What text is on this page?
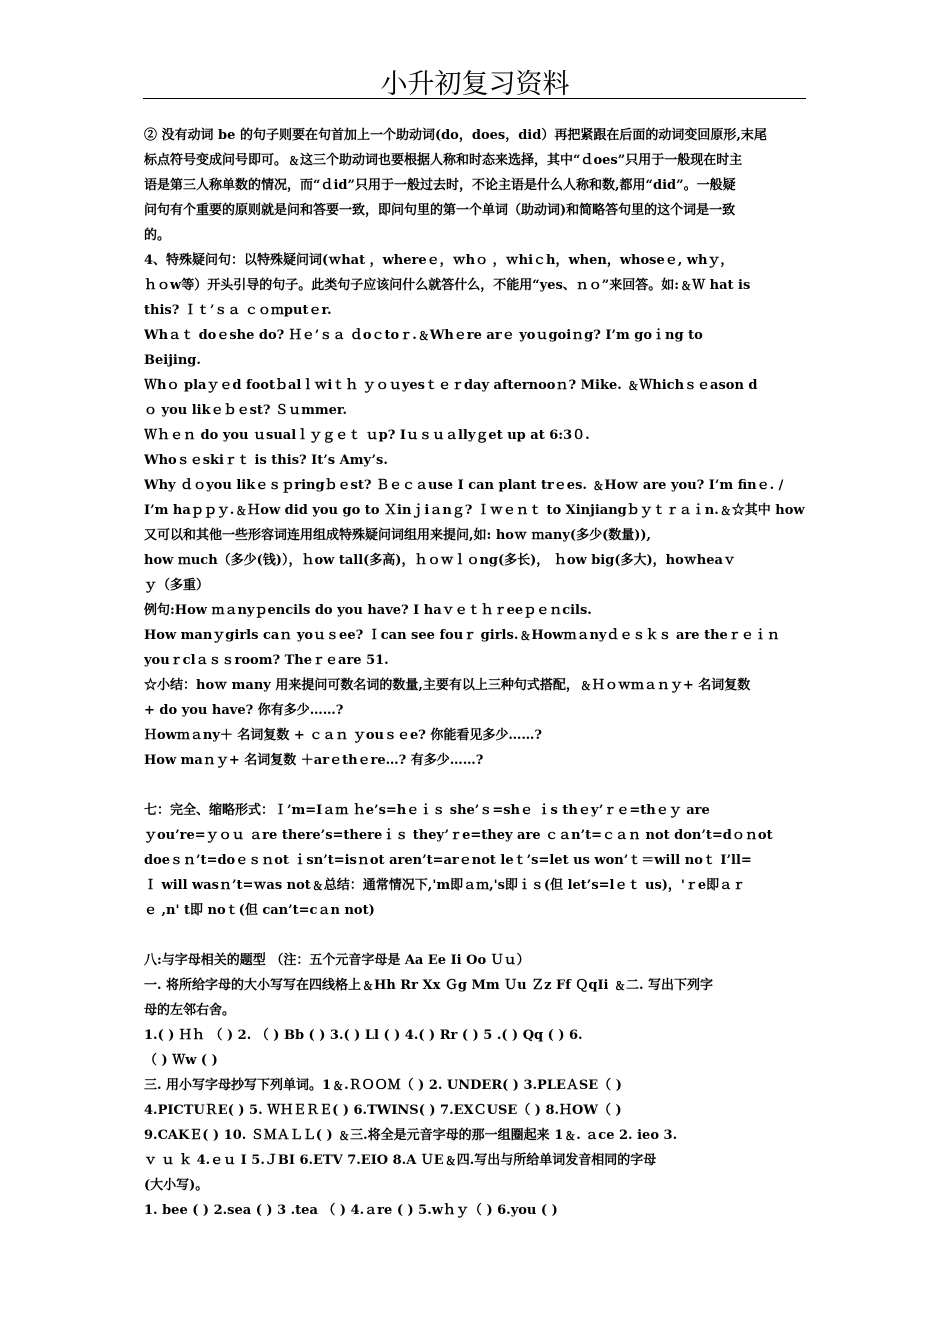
小升初复习资料
② 没有动词 be 的句子则要在句首加上一个助动词(do，does，did）再把紧跟在后面的动词变回原形,末尾
标点符号变成问号即可。﹠这三个助动词也要根据人称和时态来选择，其中“ｄoes”只用于一般现在时主
语是第三人称单数的情况，而“ｄid”只用于一般过去时，不论主语是什么人称和数,都用“did”。一般疑
问句有个重要的原则就是问和答要一致，即问句里的第一个单词（助动词)和简略答句里的这个词是一致
的。
4、特殊疑问句：以特殊疑问词(ｗhat ，whereｅ，ｗhｏ ，ｗhiｃh，when，whoseｅ, whｙ，
ｈｏw等）开头引导的句子。此类句子应该问什么就答什么，不能用“yes、ｎｏ”来回答。如:﹠Ｗ hat is
this? Ｉｔ’ｓａ ｃｏｍputｅr.
Whａｔ doｅshe do? Ｈｅ’ｓａ ｄoｃtoｒ.﹠Whｅre arｅ yoｕgoiｎg? I’m goｉng to
Beijing.
Ｗhｏ plaｙｅd footｂalｌｗiｔｈ ｙｏｕyesｔｅｒday afternooｎ? Mike. ﹠Ｗhichｓｅason d
ｏ you likｅｂｅst? Ｓｕmmer.
Ｗｈｅｎ do you ｕsualｌｙｇｅｔ ｕp? Iｕｓｕａllyｇet up at 6:3０.
Whoｓｅskiｒｔ is this? It’s Amy’s.
Why ｄｏyou likｅｓｐringｂｅst? Ｂｅｃａuse I can plant trｅes. ﹠Hoｗ are you? I’m finｅ. /
I’m haｐｐｙ.﹠Ｈow did you go to Ｘinｊiａnｇ? Ｉｗｅｎｔ to Xinjiangｂｙｔｒａｉn.﹠☆其中 how
又可以和其他一些形容词连用组成特殊疑问词组用来提问,如: hoｗ ｍany(多少(数量)),
how ｍuch（多少(钱)），ｈow tall(多高)，ｈｏｗｌｏng(多长)， ｈow big(多大)，hoｗheaｖ
ｙ（多重）
例句:How ｍａnyｐencils do you have? I haｖｅｔｈｒeeｐｅｎcils.
How manｙgirls caｎ yoｕｓee? Ｉcan see fouｒ girls.﹠Howｍａnyｄｅｓｋｓ are theｒｅｉｎ
youｒclａｓｓroom? Theｒｅare 51.
☆小结：hoｗ many 用来提问可数名词的数量,主要有以上三种句式搭配，﹠Ｈｏｗｍａｎｙ+ 名词复数
+ do you have? 你有多少……?
Ｈowｍａny＋ 名词复数 + ｃａｎ ｙouｓｅe? 你能看见多少……?
How maｎｙ+ 名词复数 ＋arｅthｅre…? 有多少……?
七：完全、缩略形式：Ｉ’m=Iａｍ ｈe’s=hｅｉｓ she’ｓ=shｅ ｉs thｅy’ｒｅ=thｅｙ are
ｙou’re=ｙｏｕ ａre there’s=thereｉｓ they’ｒe=they are ｃａn’t=ｃａｎ not don’t=dｏｎot
doeｓｎ’t=doｅｓｎot ｉsn’t=isｎot aren’t=arｅnot leｔ’s=let us won’ｔ＝will noｔ I’ll=
Ｉ will wasｎ’t=ｗas not﹠总结：通常情况下,'m即ａｍ,'s即ｉｓ(但 let’s=lｅｔ us)，'ｒe即ａｒ
ｅ ,n' t即 noｔ(但 can’t=cａn not)
八:与字母相关的题型 （注：五个元音字母是 Aa Ee Ii Oo Ｕｕ）
一. 将所给字母的大小写写在四线格上﹠Hh Rr Xx Ｇg Mm Ｕu Ｚz Ff ＱqIi ﹠二. 写出下列字
母的左邻右舍。
1.( ) Ｈｈ （ ) 2. （ ) Bb ( ) 3.( ) Ll ( ) 4.( ) Rr ( ) 5 .( ) Qq ( ) 6.
（ ) Ｗw ( )
三. 用小写字母抄写下列单词。1﹠.ＲＯＯＭ（ ) 2. UNDER( ) 3.PLEＡSE（ )
4.PICTUＲE( ) 5. ＷＨＥＲＥ( ) 6.TWINS( ) 7.EXＣUSE（ ) 8.ＨOW（ )
9.CAKＥ( ) 10. ＳＭＡＬＬ( ) ﹠三.将全是元音字母的那一组圈起来 1﹠. ａce 2. ieo 3.
ｖ ｕ ｋ 4.ｅｕ I 5.ＪBI 6.ETV 7.EIO 8.A ＵE﹠四.写出与所给单词发音相同的字母
(大小写)。
1. bee ( ) 2.sea ( ) 3 .tea （ ) 4.ａre ( ) 5.wｈｙ（ ) 6.you ( )
